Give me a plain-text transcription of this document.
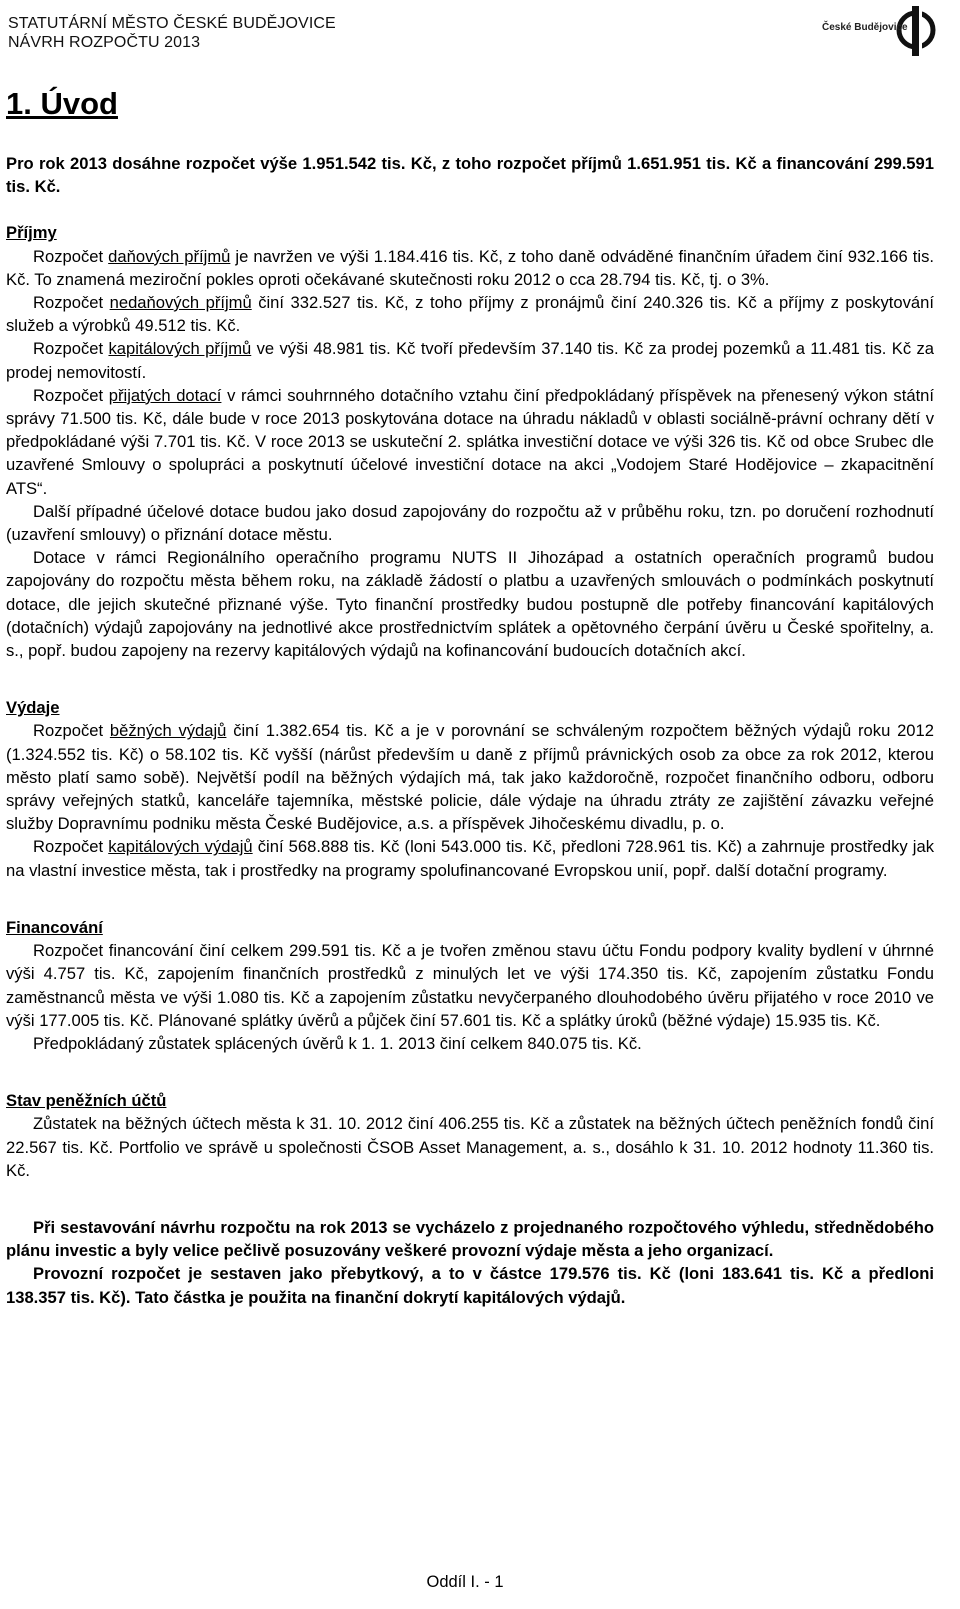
STATUTÁRNÍ MĚSTO ČESKÉ BUDĚJOVICE
NÁVRH ROZPOČTU 2013
České Budějovice
1. Úvod

Pro rok 2013 dosáhne rozpočet výše 1.951.542 tis. Kč, z toho rozpočet příjmů 1.651.951 tis. Kč a financování 299.591 tis. Kč.

Příjmy

Rozpočet daňových příjmů je navržen ve výši 1.184.416 tis. Kč, z toho daně odváděné finančním úřadem činí 932.166 tis. Kč. To znamená meziroční pokles oproti očekávané skutečnosti roku 2012 o cca 28.794 tis. Kč, tj. o 3%.

Rozpočet nedaňových příjmů činí 332.527 tis. Kč, z toho příjmy z pronájmů činí 240.326 tis. Kč a příjmy z poskytování služeb a výrobků 49.512 tis. Kč.

Rozpočet kapitálových příjmů ve výši 48.981 tis. Kč tvoří především 37.140 tis. Kč za prodej pozemků a 11.481 tis. Kč za prodej nemovitostí.

Rozpočet přijatých dotací v rámci souhrnného dotačního vztahu činí předpokládaný příspěvek na přenesený výkon státní správy 71.500 tis. Kč, dále bude v roce 2013 poskytována dotace na úhradu nákladů v oblasti sociálně-právní ochrany dětí v předpokládané výši 7.701 tis. Kč. V roce 2013 se uskuteční 2. splátka investiční dotace ve výši 326 tis. Kč od obce Srubec dle uzavřené Smlouvy o spolupráci a poskytnutí účelové investiční dotace na akci „Vodojem Staré Hodějovice – zkapacitnění ATS“.

Další případné účelové dotace budou jako dosud zapojovány do rozpočtu až v průběhu roku, tzn. po doručení rozhodnutí (uzavření smlouvy) o přiznání dotace městu.

Dotace v rámci Regionálního operačního programu NUTS II Jihozápad a ostatních operačních programů budou zapojovány do rozpočtu města během roku, na základě žádostí o platbu a uzavřených smlouvách o podmínkách poskytnutí dotace, dle jejich skutečné přiznané výše. Tyto finanční prostředky budou postupně dle potřeby financování kapitálových (dotačních) výdajů zapojovány na jednotlivé akce prostřednictvím splátek a opětovného čerpání úvěru u České spořitelny, a. s., popř. budou zapojeny na rezervy kapitálových výdajů na kofinancování budoucích dotačních akcí.

Výdaje

Rozpočet běžných výdajů činí 1.382.654 tis. Kč a je v porovnání se schváleným rozpočtem běžných výdajů roku 2012 (1.324.552 tis. Kč) o 58.102 tis. Kč vyšší (nárůst především u daně z příjmů právnických osob za obce za rok 2012, kterou město platí samo sobě). Největší podíl na běžných výdajích má, tak jako každoročně, rozpočet finančního odboru, odboru správy veřejných statků, kanceláře tajemníka, městské policie, dále výdaje na úhradu ztráty ze zajištění závazku veřejné služby Dopravnímu podniku města České Budějovice, a.s. a příspěvek Jihočeskému divadlu, p. o.

Rozpočet kapitálových výdajů činí 568.888 tis. Kč (loni 543.000 tis. Kč, předloni 728.961 tis. Kč) a zahrnuje prostředky jak na vlastní investice města, tak i prostředky na programy spolufinancované Evropskou unií, popř. další dotační programy.

Financování

Rozpočet financování činí celkem 299.591 tis. Kč a je tvořen změnou stavu účtu Fondu podpory kvality bydlení v úhrnné výši 4.757 tis. Kč, zapojením finančních prostředků z minulých let ve výši 174.350 tis. Kč, zapojením zůstatku Fondu zaměstnanců města ve výši 1.080 tis. Kč a zapojením zůstatku nevyčerpaného dlouhodobého úvěru přijatého v roce 2010 ve výši 177.005 tis. Kč. Plánované splátky úvěrů a půjček činí 57.601 tis. Kč a splátky úroků (běžné výdaje) 15.935 tis. Kč.

Předpokládaný zůstatek splácených úvěrů k 1. 1. 2013 činí celkem 840.075 tis. Kč.

Stav peněžních účtů

Zůstatek na běžných účtech města k 31. 10. 2012 činí 406.255 tis. Kč a zůstatek na běžných účtech peněžních fondů činí 22.567 tis. Kč. Portfolio ve správě u společnosti ČSOB Asset Management, a. s., dosáhlo k 31. 10. 2012 hodnoty 11.360 tis. Kč.

Při sestavování návrhu rozpočtu na rok 2013 se vycházelo z projednaného rozpočtového výhledu, střednědobého plánu investic a byly velice pečlivě posuzovány veškeré provozní výdaje města a jeho organizací.

Provozní rozpočet je sestaven jako přebytkový, a to v částce 179.576 tis. Kč (loni 183.641 tis. Kč a předloni 138.357 tis. Kč). Tato částka je použita na finanční dokrytí kapitálových výdajů.

Oddíl I. - 1
